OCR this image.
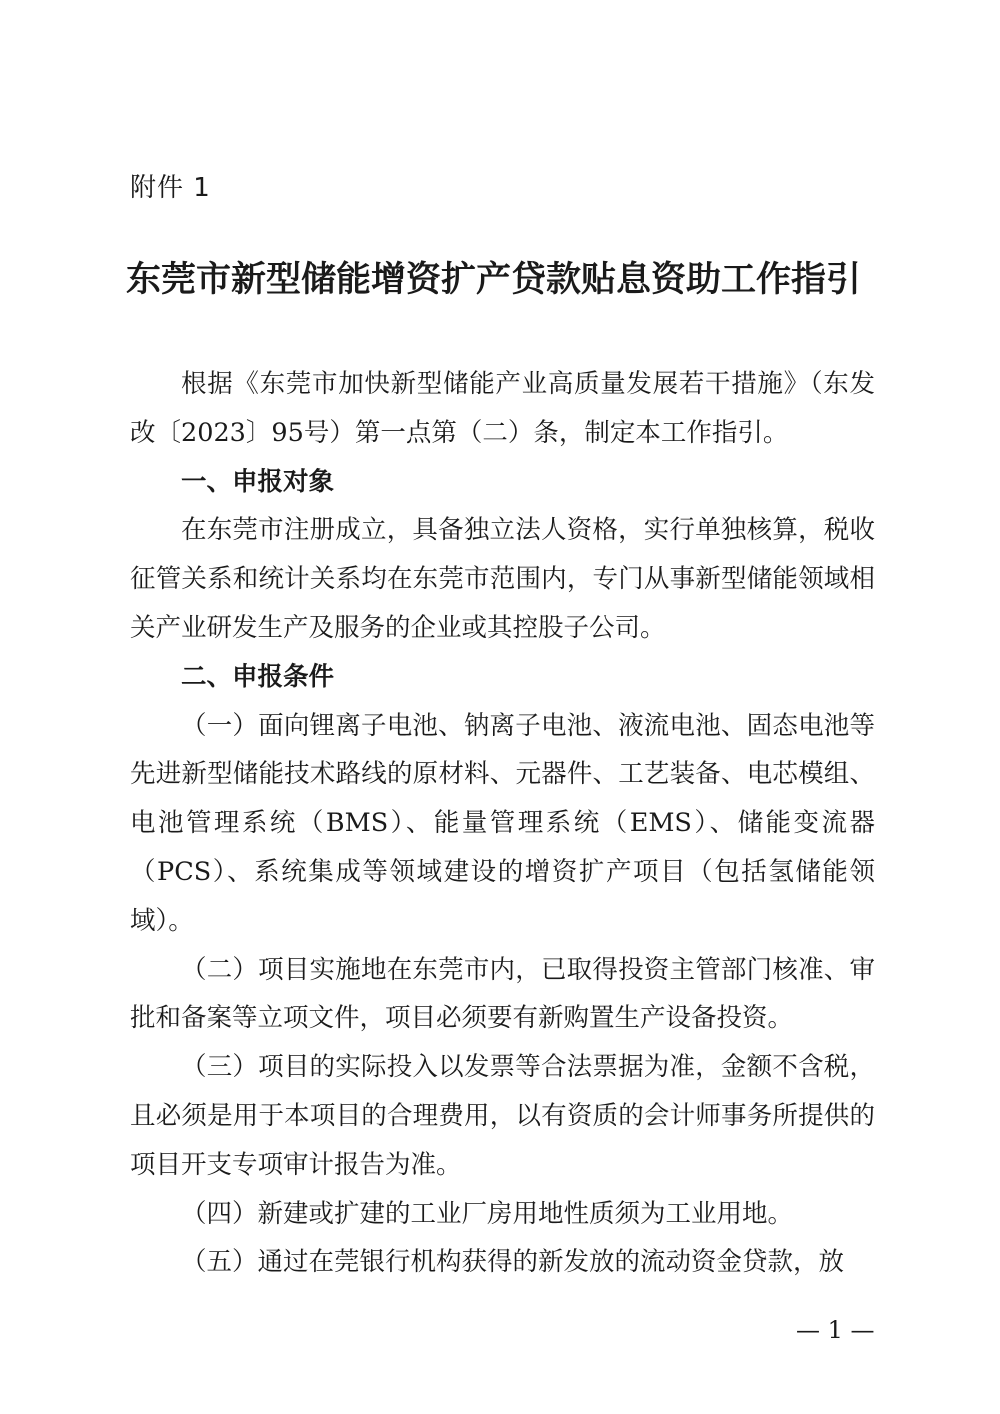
附件 1
东莞市新型储能增资扩产贷款贴息资助工作指引

根据《东莞市加快新型储能产业高质量发展若干措施》（东发改〔2023〕95号）第一点第（二）条，制定本工作指引。

一、申报对象

在东莞市注册成立，具备独立法人资格，实行单独核算，税收征管关系和统计关系均在东莞市范围内，专门从事新型储能领域相关产业研发生产及服务的企业或其控股子公司。

二、申报条件

（一）面向锂离子电池、钠离子电池、液流电池、固态电池等先进新型储能技术路线的原材料、元器件、工艺装备、电芯模组、电池管理系统（BMS）、能量管理系统（EMS）、储能变流器（PCS）、系统集成等领域建设的增资扩产项目（包括氢储能领域）。

（二）项目实施地在东莞市内，已取得投资主管部门核准、审批和备案等立项文件，项目必须要有新购置生产设备投资。

（三）项目的实际投入以发票等合法票据为准，金额不含税，且必须是用于本项目的合理费用，以有资质的会计师事务所提供的项目开支专项审计报告为准。

（四）新建或扩建的工业厂房用地性质须为工业用地。

（五）通过在莞银行机构获得的新发放的流动资金贷款，放

— 1 —
